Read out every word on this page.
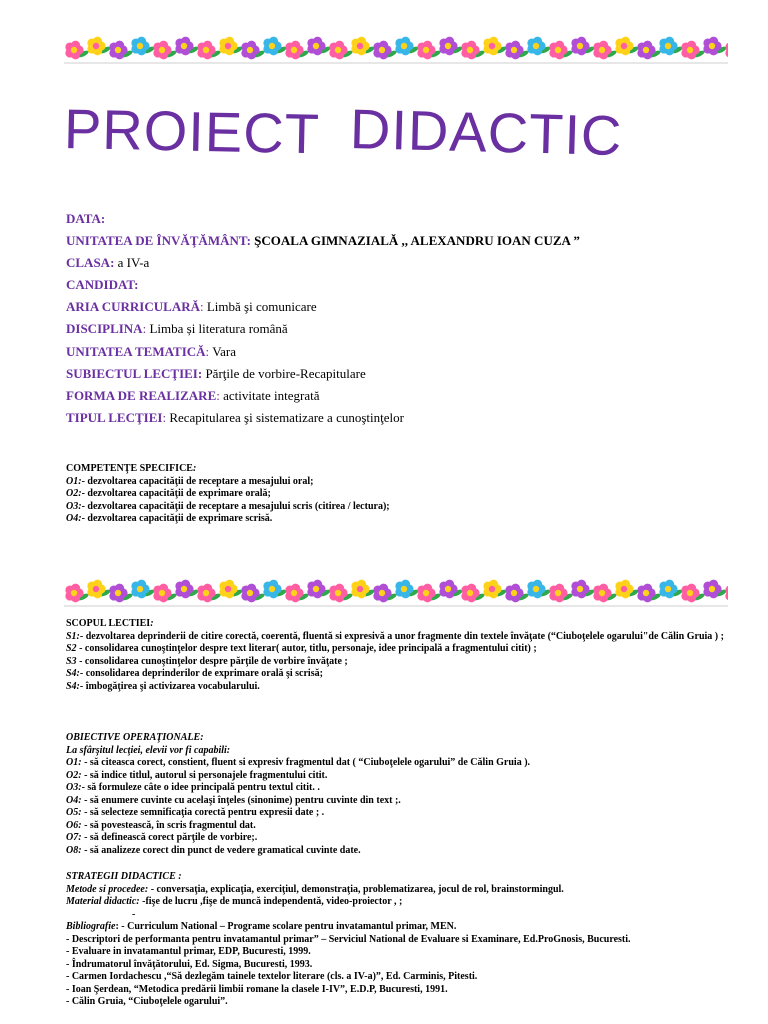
PROIECT DIDACTIC
DATA:
UNITATEA DE ÎNVĂŢĂMÂNT: ŞCOALA GIMNAZIALĂ ,, ALEXANDRU IOAN CUZA ”
CLASA: a IV-a
CANDIDAT:
ARIA CURRICULARĂ: Limbă şi comunicare
DISCIPLINA: Limba și literatura română
UNITATEA TEMATICĂ: Vara
SUBIECTUL LECŢIEI: Părţile de vorbire-Recapitulare
FORMA DE REALIZARE: activitate integrată
TIPUL LECŢIEI: Recapitularea şi sistematizare a cunoştinţelor

COMPETENŢE SPECIFICE:

O1:- dezvoltarea capacităţii de receptare a mesajului oral;

O2:- dezvoltarea capacităţii de exprimare orală;

O3:- dezvoltarea capacităţii de receptare a mesajului scris (citirea / lectura);

O4:- dezvoltarea capacităţii de exprimare scrisă.

SCOPUL LECTIEI:

S1:- dezvoltarea deprinderii de citire corectă, coerentă, fluentă si expresivă a unor fragmente din textele învăţate (“Ciuboţelele ogarului"de Călin Gruia ) ;

S2 - consolidarea cunoştinţelor despre text literar( autor, titlu, personaje, idee principală a fragmentului citit) ;

S3 - consolidarea cunoştinţelor despre părţile de vorbire învăţate ;

S4:- consolidarea deprinderilor de exprimare orală şi scrisă;

S4:- îmbogăţirea şi activizarea vocabularului.

OBIECTIVE OPERAŢIONALE:

La sfârşitul lecţiei, elevii vor fi capabili:

O1: - să citeasca corect, constient, fluent si expresiv fragmentul dat ( “Ciuboţelele ogarului” de Călin Gruia ).

O2: - să indice titlul, autorul si personajele fragmentului citit.

O3:- să formuleze câte o idee principală pentru textul citit. .

O4: - să enumere cuvinte cu acelaşi înţeles (sinonime) pentru cuvinte din text ;.

O5: - să selecteze semnificaţia corectă pentru expresii date ; .

O6: - să povestească, în scris fragmentul dat.

O7: - să definească corect părţile de vorbire;.

O8: - să analizeze corect din punct de vedere gramatical cuvinte date.

STRATEGII DIDACTICE :

Metode si procedee: - conversaţia, explicaţia, exerciţiul, demonstraţia, problematizarea, jocul de rol, brainstormingul.

Material didactic: -fişe de lucru ,fişe de muncă independentă, video-proiector , ;

-

Bibliografie: - Curriculum National – Programe scolare pentru invatamantul primar, MEN.

- Descriptori de performanta pentru invatamantul primar” – Serviciul National de Evaluare si Examinare, Ed.ProGnosis, Bucuresti.

- Evaluare in invatamantul primar, EDP, Bucuresti, 1999.

- Îndrumatorul învăţătorului, Ed. Sigma, Bucuresti, 1993.

- Carmen Iordachescu ,“Să dezlegăm tainele textelor literare (cls. a IV-a)”, Ed. Carminis, Pitesti.

- Ioan Şerdean, “Metodica predării limbii romane la clasele I-IV”, E.D.P, Bucuresti, 1991.

- Călin Gruia, “Ciuboţelele ogarului”.
